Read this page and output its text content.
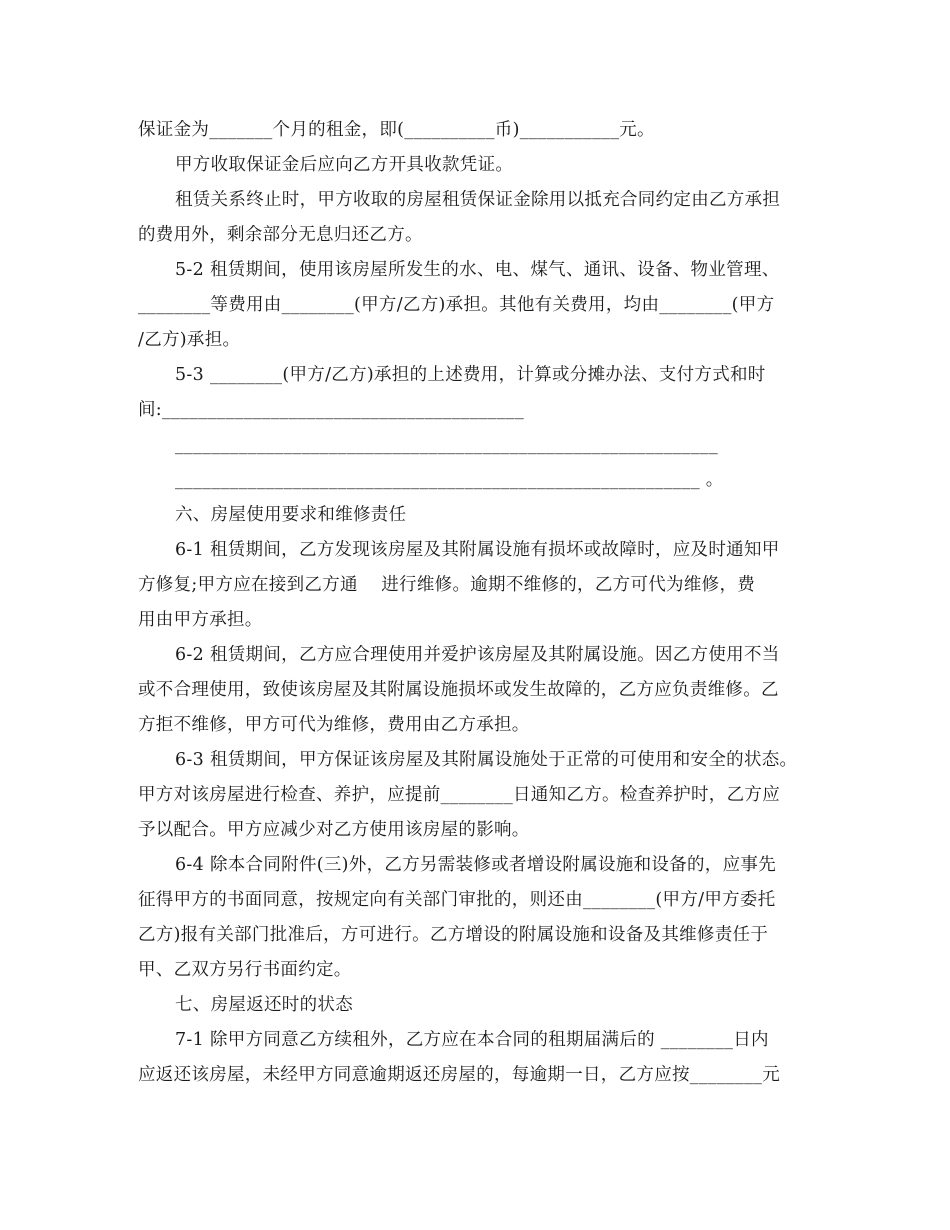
保证金为_______个月的租金，即(__________币)___________元。
甲方收取保证金后应向乙方开具收款凭证。
租赁关系终止时，甲方收取的房屋租赁保证金除用以抵充合同约定由乙方承担
的费用外，剩余部分无息归还乙方。
5-2 租赁期间，使用该房屋所发生的水、电、煤气、通讯、设备、物业管理、
________等费用由________(甲方/乙方)承担。其他有关费用，均由________(甲方
/乙方)承担。
5-3 ________(甲方/乙方)承担的上述费用，计算或分摊办法、支付方式和时
间:________________________________________
____________________________________________________________
__________________________________________________________ 。
六、房屋使用要求和维修责任
6-1 租赁期间，乙方发现该房屋及其附属设施有损坏或故障时，应及时通知甲
方修复;甲方应在接到乙方通    进行维修。逾期不维修的，乙方可代为维修，费
用由甲方承担。
6-2 租赁期间，乙方应合理使用并爱护该房屋及其附属设施。因乙方使用不当
或不合理使用，致使该房屋及其附属设施损坏或发生故障的，乙方应负责维修。乙
方拒不维修，甲方可代为维修，费用由乙方承担。
6-3 租赁期间，甲方保证该房屋及其附属设施处于正常的可使用和安全的状态。
甲方对该房屋进行检查、养护，应提前________日通知乙方。检查养护时，乙方应
予以配合。甲方应减少对乙方使用该房屋的影响。
6-4 除本合同附件(三)外，乙方另需装修或者增设附属设施和设备的，应事先
征得甲方的书面同意，按规定向有关部门审批的，则还由________(甲方/甲方委托
乙方)报有关部门批准后，方可进行。乙方增设的附属设施和设备及其维修责任于
甲、乙双方另行书面约定。
七、房屋返还时的状态
7-1 除甲方同意乙方续租外，乙方应在本合同的租期届满后的 ________日内
应返还该房屋，未经甲方同意逾期返还房屋的，每逾期一日，乙方应按________元
